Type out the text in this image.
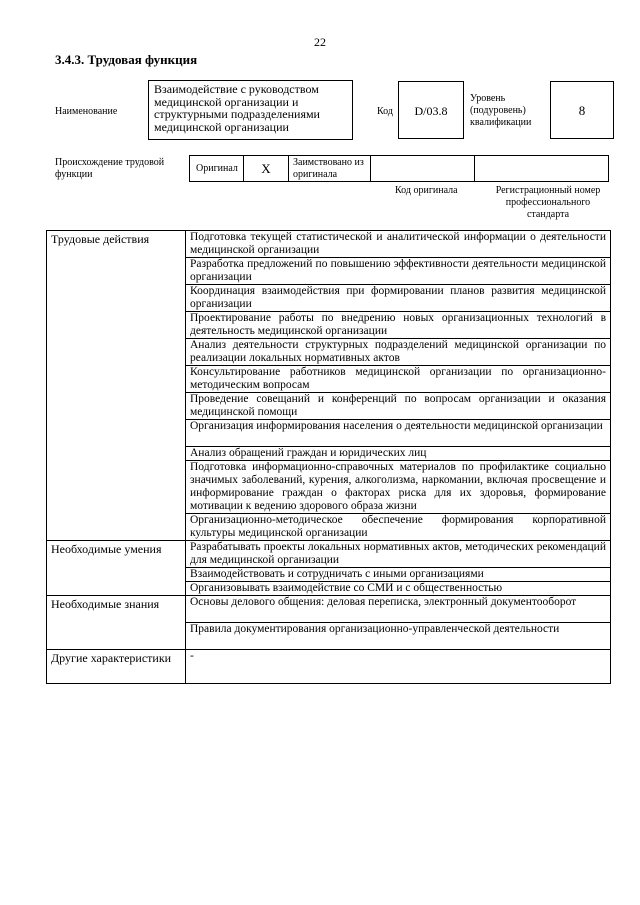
22
3.4.3. Трудовая функция
Наименование
Взаимодействие с руководством медицинской организации и структурными подразделениями медицинской организации
Код	D/03.8
Уровень (подуровень) квалификации
8
Происхождение трудовой функции
Оригинал	X	Заимствовано из оригинала
Код оригинала	Регистрационный номер профессионального стандарта
Трудовые действия	Подготовка текущей статистической и аналитической информации о деятельности медицинской организации
	Разработка предложений по повышению эффективности деятельности медицинской организации
	Координация взаимодействия при формировании планов развития медицинской организации
	Проектирование работы по внедрению новых организационных технологий в деятельность медицинской организации
	Анализ деятельности структурных подразделений медицинской организации по реализации локальных нормативных актов
	Консультирование работников медицинской организации по организационно-методическим вопросам
	Проведение совещаний и конференций по вопросам организации и оказания медицинской помощи
	Организация информирования населения о деятельности медицинской организации
	Анализ обращений граждан и юридических лиц
	Подготовка информационно-справочных материалов по профилактике социально значимых заболеваний, курения, алкоголизма, наркомании, включая просвещение и информирование граждан о факторах риска для их здоровья, формирование мотивации к ведению здорового образа жизни
	Организационно-методическое обеспечение формирования корпоративной культуры медицинской организации
Необходимые умения	Разрабатывать проекты локальных нормативных актов, методических рекомендаций для медицинской организации
	Взаимодействовать и сотрудничать с иными организациями
	Организовывать взаимодействие со СМИ и с общественностью
Необходимые знания	Основы делового общения: деловая переписка, электронный документооборот
	Правила документирования организационно-управленческой деятельности
Другие характеристики	-
